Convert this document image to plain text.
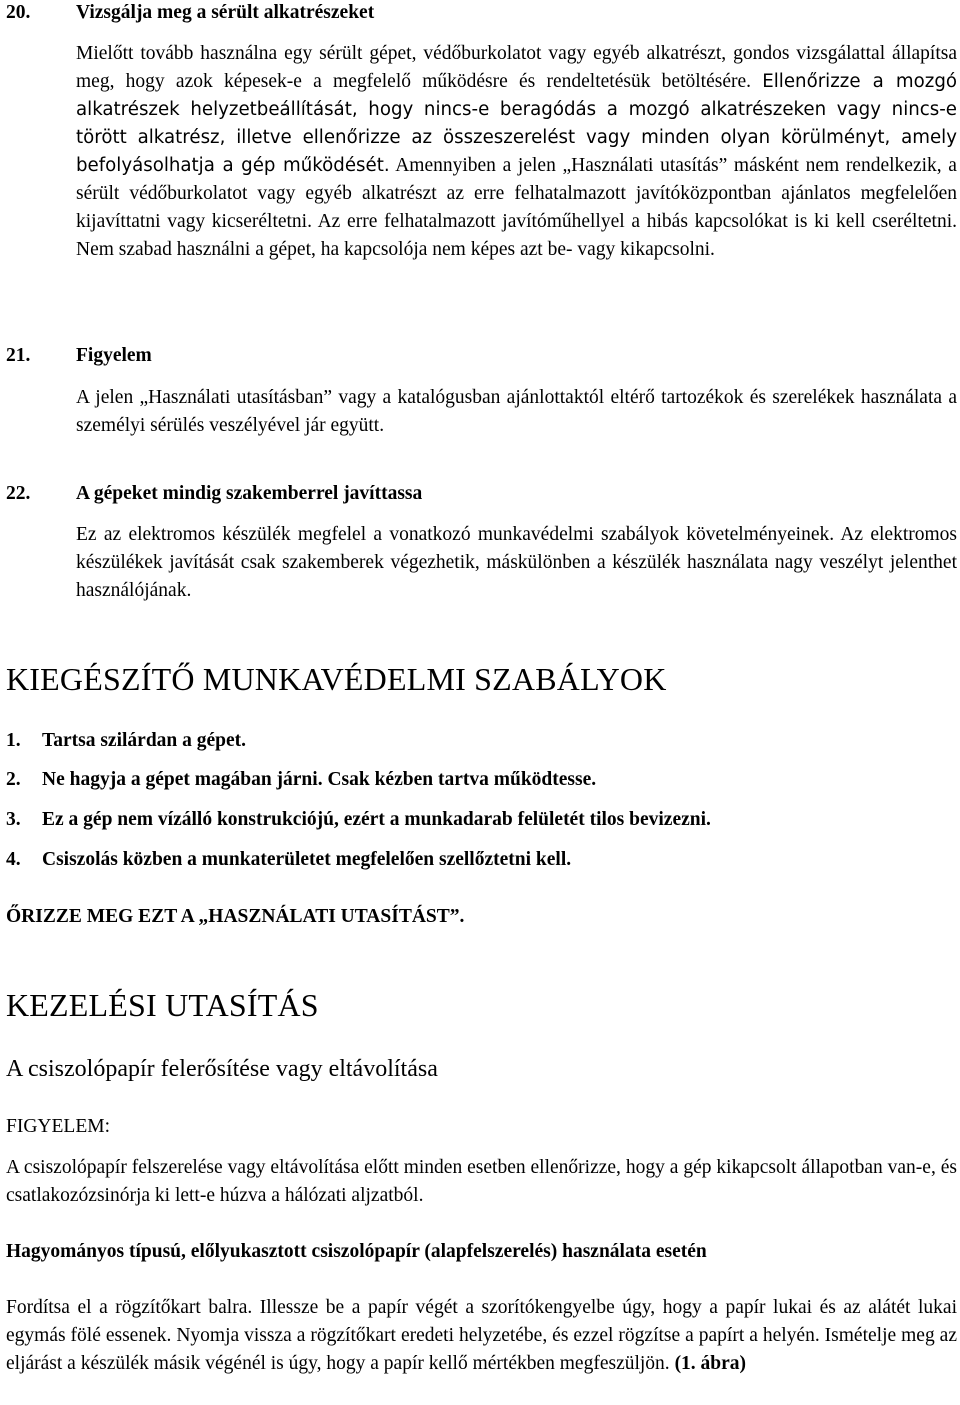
20. Vizsgálja meg a sérült alkatrészeket
Mielőtt tovább használna egy sérült gépet, védőburkolatot vagy egyéb alkatrészt, gondos vizsgálattal állapítsa meg, hogy azok képesek-e a megfelelő működésre és rendeltetésük betöltésére. Ellenőrizze a mozgó alkatrészek helyzetbeállítását, hogy nincs-e beragódás a mozgó alkatrészeken vagy nincs-e törött alkatrész, illetve ellenőrizze az összeszerelést vagy minden olyan körülményt, amely befolyásolhatja a gép működését. Amennyiben a jelen „Használati utasítás” másként nem rendelkezik, a sérült védőburkolatot vagy egyéb alkatrészt az erre felhatalmazott javítóközpontban ajánlatos megfelelően kijavíttatni vagy kicseréltetni. Az erre felhatalmazott javítóműhellyel a hibás kapcsolókat is ki kell cseréltetni. Nem szabad használni a gépet, ha kapcsolója nem képes azt be- vagy kikapcsolni.
21. Figyelem
A jelen „Használati utasításban” vagy a katalógusban ajánlottaktól eltérő tartozékok és szerelékek használata a személyi sérülés veszélyével jár együtt.
22. A gépeket mindig szakemberrel javíttassa
Ez az elektromos készülék megfelel a vonatkozó munkavédelmi szabályok követelményeinek. Az elektromos készülékek javítását csak szakemberek végezhetik, máskülönben a készülék használata nagy veszélyt jelenthet használójának.
KIEGÉSZÍTŐ MUNKAVÉDELMI SZABÁLYOK
1. Tartsa szilárdan a gépet.
2. Ne hagyja a gépet magában járni. Csak kézben tartva működtesse.
3. Ez a gép nem vízálló konstrukciójú, ezért a munkadarab felületét tilos bevizezni.
4. Csiszolás közben a munkaterületet megfelelően szellőztetni kell.
ŐRIZZE MEG EZT A „HASZNÁLATI UTASÍTÁST”.
KEZELÉSI UTASÍTÁS
A csiszolópapír felerősítése vagy eltávolítása
FIGYELEM:
A csiszolópapír felszerelése vagy eltávolítása előtt minden esetben ellenőrizze, hogy a gép kikapcsolt állapotban van-e, és csatlakozózsinórja ki lett-e húzva a hálózati aljzatból.
Hagyományos típusú, előlyukasztott csiszolópapír (alapfelszerelés) használata esetén
Fordítsa el a rögzítőkart balra. Illessze be a papír végét a szorítókengyelbe úgy, hogy a papír lukai és az alátét lukai egymás fölé essenek. Nyomja vissza a rögzítőkart eredeti helyzetébe, és ezzel rögzítse a papírt a helyén. Ismételje meg az eljárást a készülék másik végénél is úgy, hogy a papír kellő mértékben megfeszüljön. (1. ábra)
